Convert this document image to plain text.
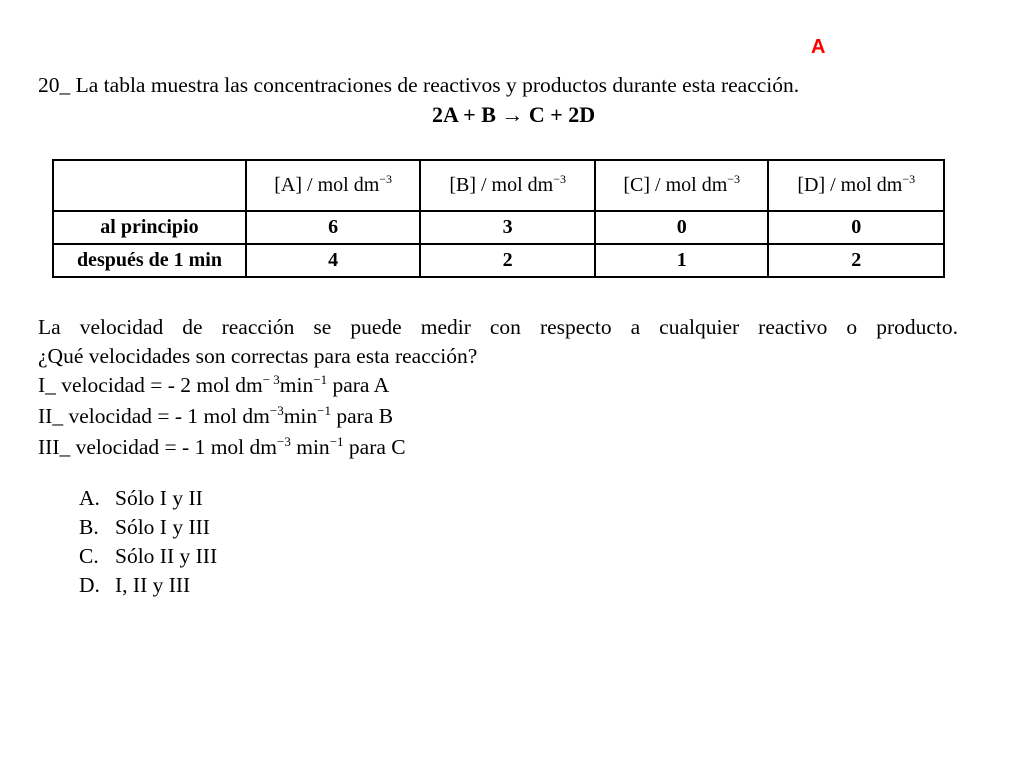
A
20_ La tabla muestra las concentraciones de reactivos y productos durante esta reacción.
2A + B → C + 2D
	[A] / mol $dm^{-3}$	[B] / mol $dm^{-3}$	[C] / mol $dm^{-3}$	[D] / mol $dm^{-3}$
al principio	6	3	0	0
después de 1 min	4	2	1	2
La velocidad de reacción se puede medir con respecto a cualquier reactivo o producto.
¿Qué velocidades son correctas para esta reacción?
I_ velocidad = - 2 mol $dm^{- 3}\min^{-1}$ para A
II_ velocidad = - 1 mol $dm^{-3}\min^{-1}$ para B
III_ velocidad = - 1 mol $dm^{-3}$ $\min^{-1}$ para C
A. Sólo I y II
B. Sólo I y III
C. Sólo II y III
D. I, II y III
